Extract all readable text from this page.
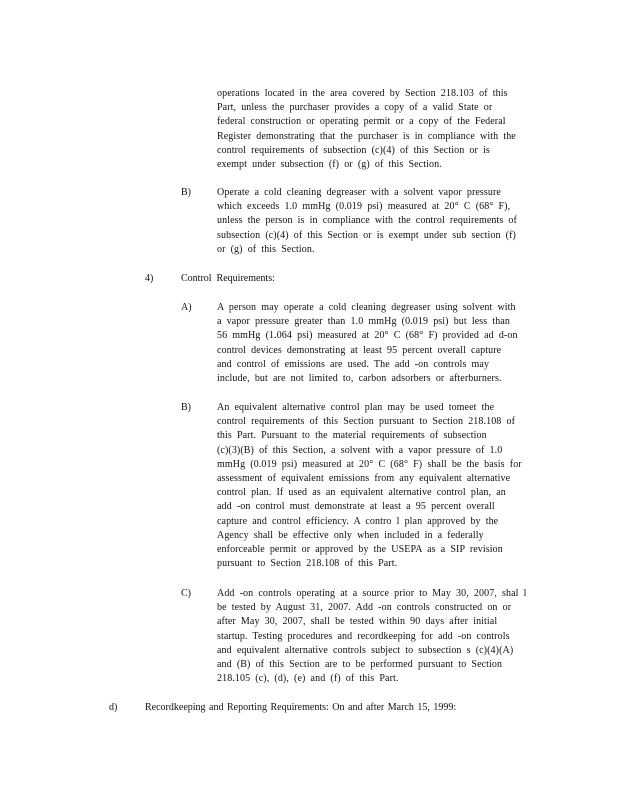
operations located in the area covered by Section 218.103 of this
Part, unless the purchaser provides a copy of a valid State or
federal construction or operating permit or a copy of the Federal
Register demonstrating that the purchaser is in compliance with the
control requirements of subsection (c)(4) of this Section or is
exempt under subsection (f) or (g) of this Section.
B)	Operate a cold cleaning degreaser with a solvent vapor pressure
which exceeds 1.0 mmHg (0.019 psi) measured at 20° C (68° F),
unless the person is in compliance with the control requirements of
subsection (c)(4) of this Section or is exempt under sub section (f)
or (g) of this Section.
4)	Control Requirements:
A)	A person may operate a cold cleaning degreaser using solvent with
a vapor pressure greater than 1.0 mmHg (0.019 psi) but less than
56 mmHg (1.064 psi) measured at 20° C (68° F) provided ad d-on
control devices demonstrating at least 95 percent overall capture
and control of emissions are used. The add -on controls may
include, but are not limited to, carbon adsorbers or afterburners.
B)	An equivalent alternative control plan may be used tomeet the
control requirements of this Section pursuant to Section 218.108 of
this Part. Pursuant to the material requirements of subsection
(c)(3)(B) of this Section, a solvent with a vapor pressure of 1.0
mmHg (0.019 psi) measured at 20° C (68° F) shall be the basis for
assessment of equivalent emissions from any equivalent alternative
control plan. If used as an equivalent alternative control plan, an
add -on control must demonstrate at least a 95 percent overall
capture and control efficiency. A contro l plan approved by the
Agency shall be effective only when included in a federally
enforceable permit or approved by the USEPA as a SIP revision
pursuant to Section 218.108 of this Part.
C)	Add -on controls operating at a source prior to May 30, 2007, shal l
be tested by August 31, 2007. Add -on controls constructed on or
after May 30, 2007, shall be tested within 90 days after initial
startup. Testing procedures and recordkeeping for add -on controls
and equivalent alternative controls subject to subsection s (c)(4)(A)
and (B) of this Section are to be performed pursuant to Section
218.105 (c), (d), (e) and (f) of this Part.
d)	Recordkeeping and Reporting Requirements: On and after March 15, 1999:
